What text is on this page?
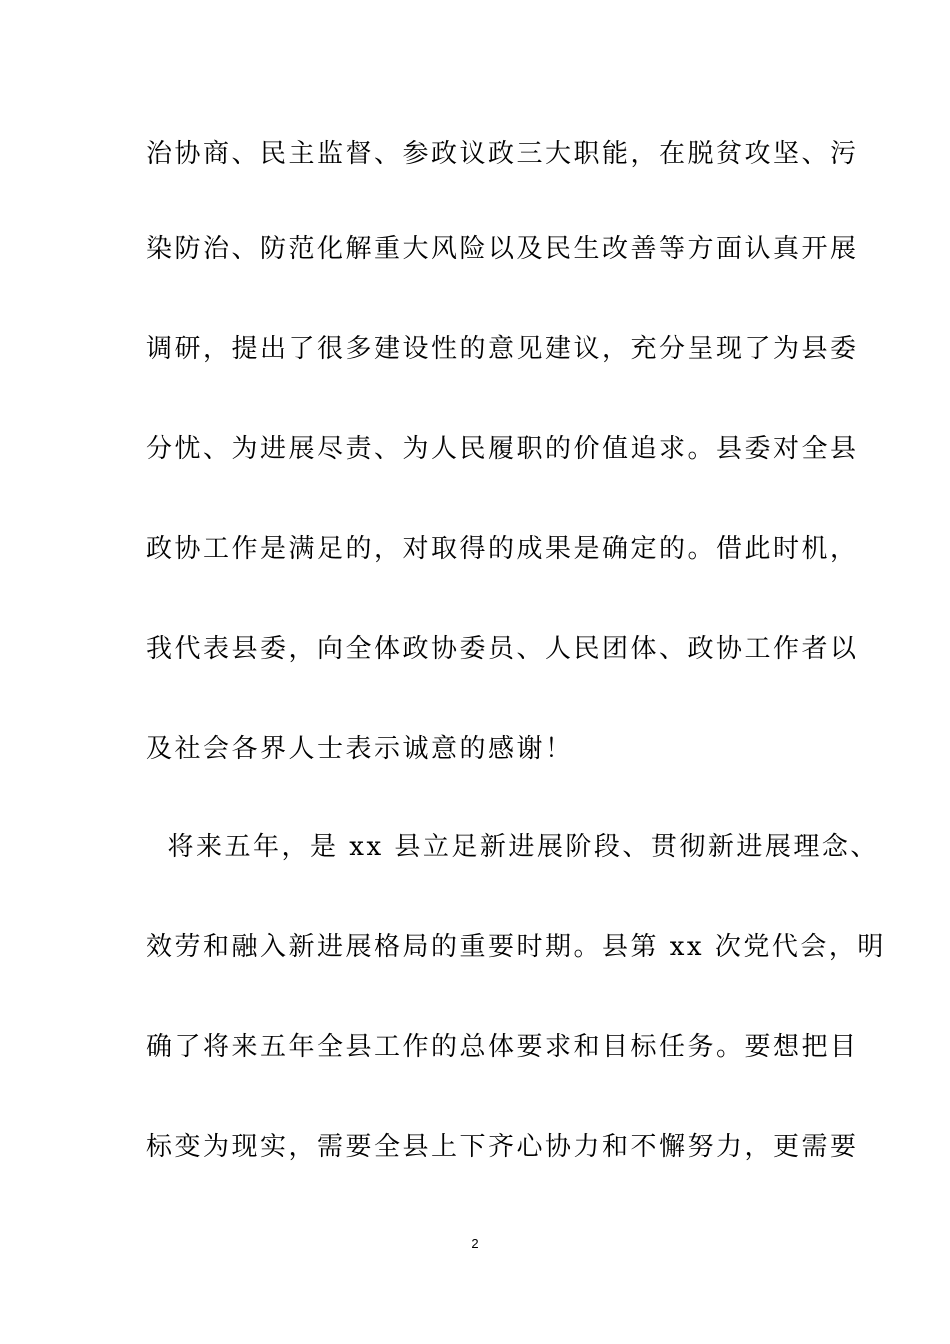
治协商、民主监督、参政议政三大职能，在脱贫攻坚、污
染防治、防范化解重大风险以及民生改善等方面认真开展
调研，提出了很多建设性的意见建议，充分呈现了为县委
分忧、为进展尽责、为人民履职的价值追求。县委对全县
政协工作是满足的，对取得的成果是确定的。借此时机，
我代表县委，向全体政协委员、人民团体、政协工作者以
及社会各界人士表示诚意的感谢！
将来五年，是 xx 县立足新进展阶段、贯彻新进展理念、
效劳和融入新进展格局的重要时期。县第 xx 次党代会，明
确了将来五年全县工作的总体要求和目标任务。要想把目
标变为现实，需要全县上下齐心协力和不懈努力，更需要
2
